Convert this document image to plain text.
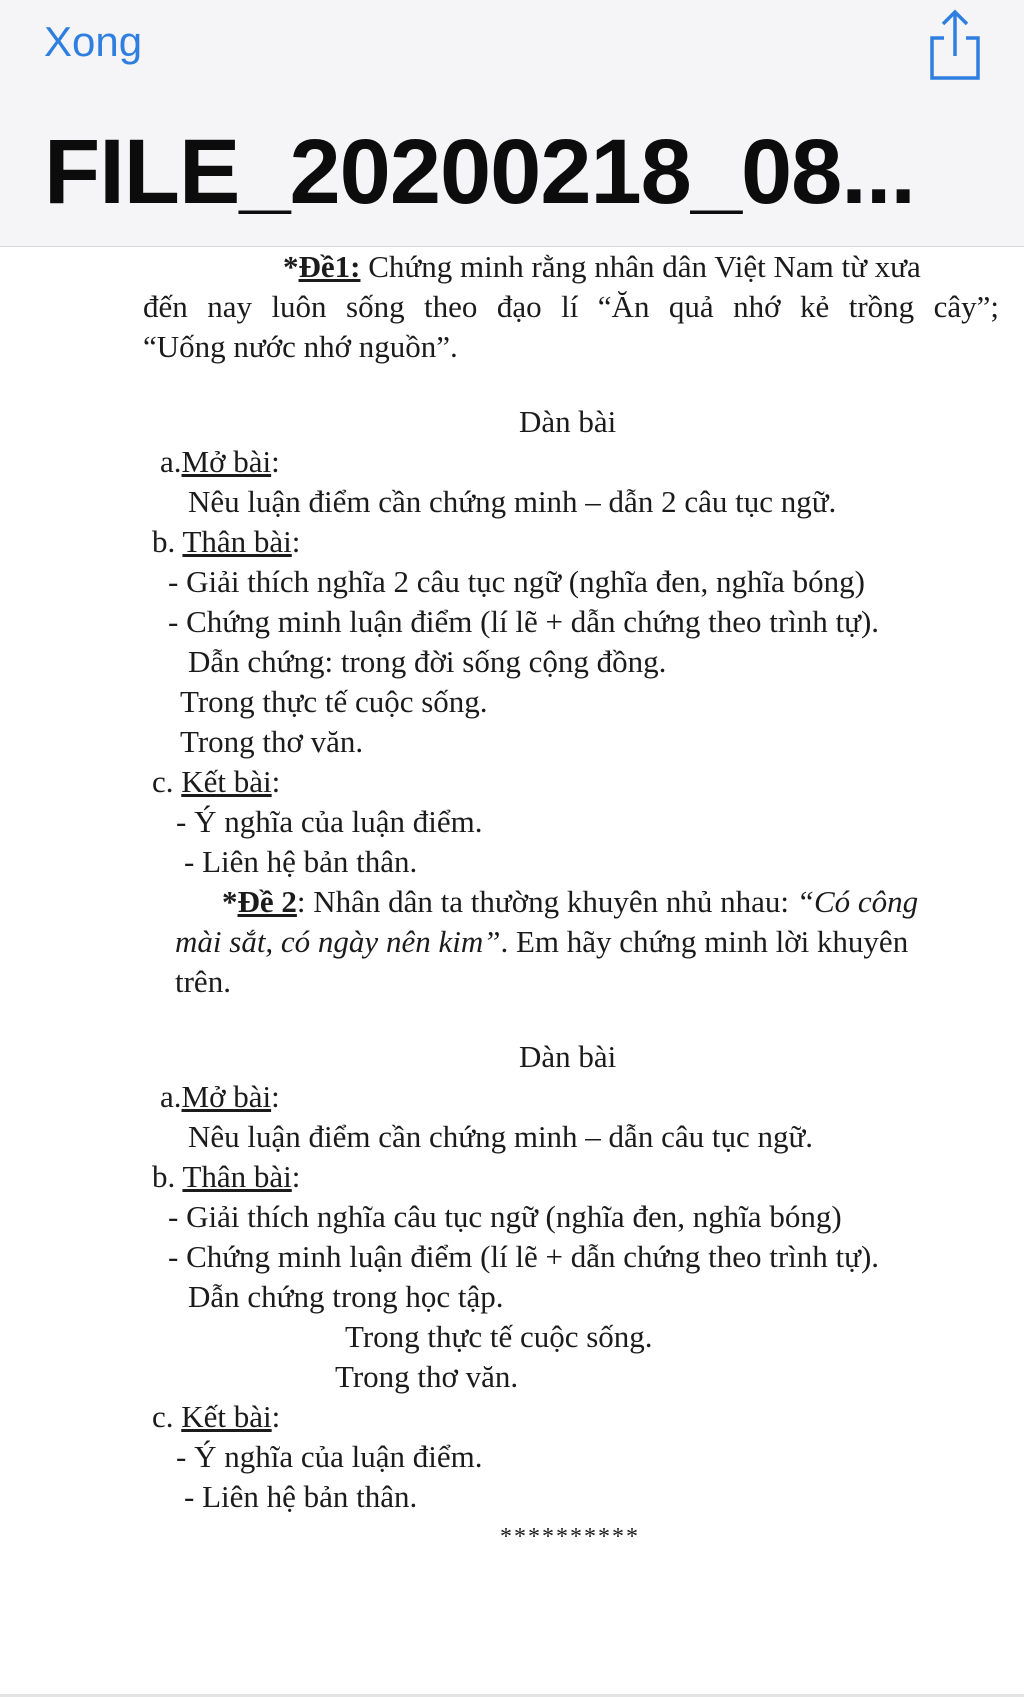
Xong
FILE_20200218_08...
*Đề1: Chứng minh rằng nhân dân Việt Nam từ xưa
đến nay luôn sống theo đạo lí “Ăn quả nhớ kẻ trồng cây”;
“Uống nước nhớ nguồn”.
Dàn bài
a.Mở bài:
Nêu luận điểm cần chứng minh – dẫn 2 câu tục ngữ.
b. Thân bài:
- Giải thích nghĩa 2 câu tục ngữ (nghĩa đen, nghĩa bóng)
- Chứng minh luận điểm (lí lẽ + dẫn chứng theo trình tự).
Dẫn chứng: trong đời sống cộng đồng.
Trong thực tế cuộc sống.
Trong thơ văn.
c. Kết bài:
- Ý nghĩa của luận điểm.
- Liên hệ bản thân.
*Đề 2: Nhân dân ta thường khuyên nhủ nhau: “Có công
mài sắt, có ngày nên kim”. Em hãy chứng minh lời khuyên
trên.
Dàn bài
a.Mở bài:
Nêu luận điểm cần chứng minh – dẫn câu tục ngữ.
b. Thân bài:
- Giải thích nghĩa câu tục ngữ (nghĩa đen, nghĩa bóng)
- Chứng minh luận điểm (lí lẽ + dẫn chứng theo trình tự).
Dẫn chứng trong học tập.
Trong thực tế cuộc sống.
Trong thơ văn.
c. Kết bài:
- Ý nghĩa của luận điểm.
- Liên hệ bản thân.
**********
